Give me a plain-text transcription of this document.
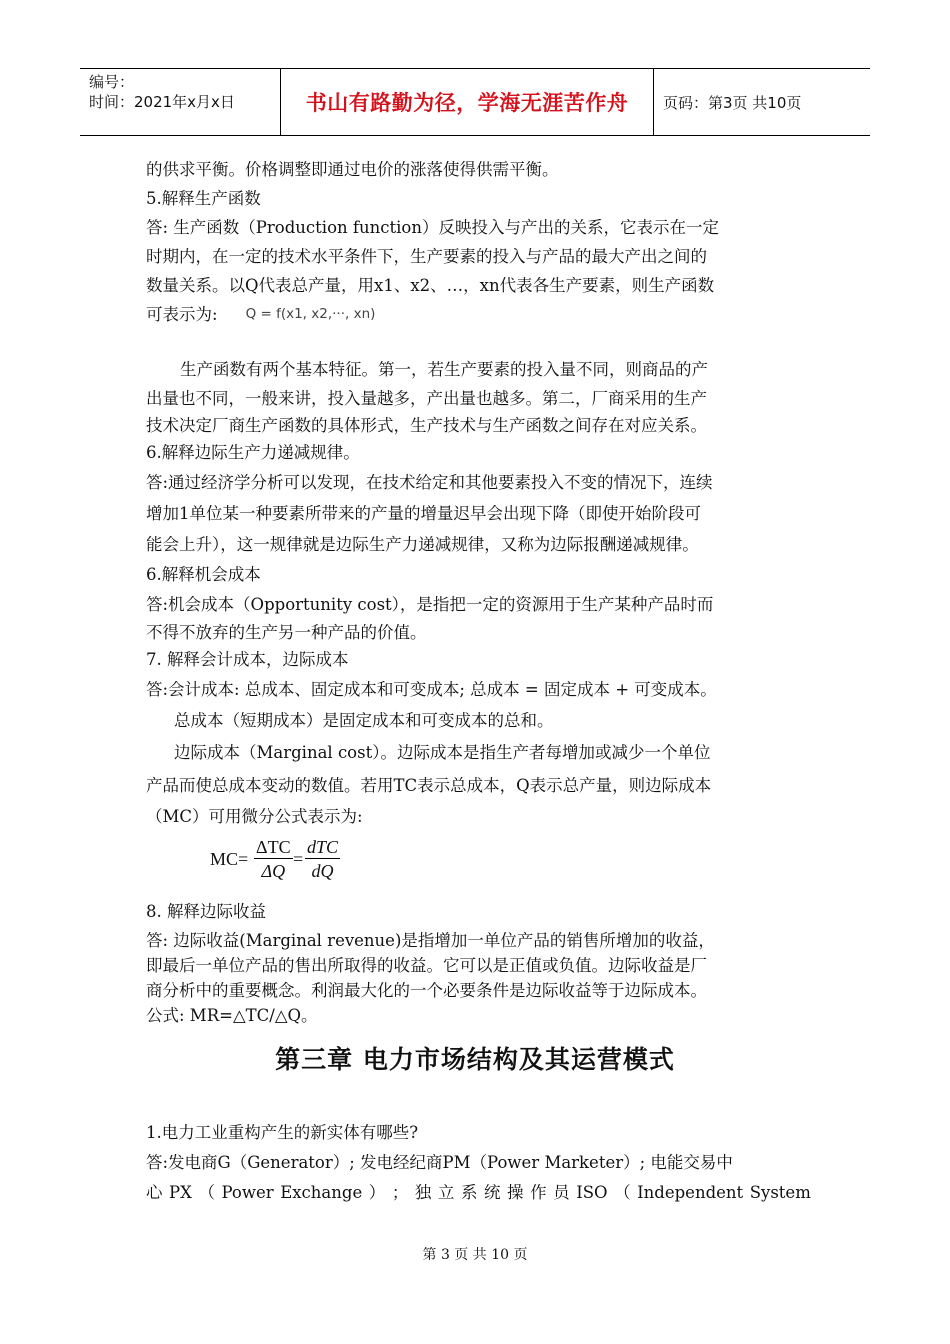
编号：
时间：2021年x月x日	书山有路勤为径，学海无涯苦作舟	页码：第3页 共10页
的供求平衡。价格调整即通过电价的涨落使得供需平衡。
5.解释生产函数
答: 生产函数（Production function）反映投入与产出的关系，它表示在一定
时期内，在一定的技术水平条件下，生产要素的投入与产品的最大产出之间的
数量关系。以Q代表总产量，用x1、x2、…，xn代表各生产要素，则生产函数
可表示为: Q = f(x1, x2,···, xn)
生产函数有两个基本特征。第一，若生产要素的投入量不同，则商品的产
出量也不同，一般来讲，投入量越多，产出量也越多。第二，厂商采用的生产
技术决定厂商生产函数的具体形式，生产技术与生产函数之间存在对应关系。
6.解释边际生产力递减规律。
答:通过经济学分析可以发现，在技术给定和其他要素投入不变的情况下，连续
增加1单位某一种要素所带来的产量的增量迟早会出现下降（即使开始阶段可
能会上升），这一规律就是边际生产力递减规律，又称为边际报酬递减规律。
6.解释机会成本
答:机会成本（Opportunity cost），是指把一定的资源用于生产某种产品时而
不得不放弃的生产另一种产品的价值。
7. 解释会计成本，边际成本
答:会计成本: 总成本、固定成本和可变成本; 总成本 = 固定成本 + 可变成本。
总成本（短期成本）是固定成本和可变成本的总和。
边际成本（Marginal cost）。边际成本是指生产者每增加或减少一个单位
产品而使总成本变动的数值。若用TC表示总成本，Q表示总产量，则边际成本
（MC）可用微分公式表示为:
MC=
ΔTC
ΔQ
=
dTC
dQ
8. 解释边际收益
答: 边际收益(Marginal revenue)是指增加一单位产品的销售所增加的收益，
即最后一单位产品的售出所取得的收益。它可以是正值或负值。边际收益是厂
商分析中的重要概念。利润最大化的一个必要条件是边际收益等于边际成本。
公式: MR=△TC/△Q。
第三章 电力市场结构及其运营模式
1.电力工业重构产生的新实体有哪些?
答:发电商G（Generator）; 发电经纪商PM（Power Marketer）; 电能交易中
心 PX （ Power Exchange ） ； 独 立 系 统 操 作 员 ISO （ Independent System
第 3 页 共 10 页
